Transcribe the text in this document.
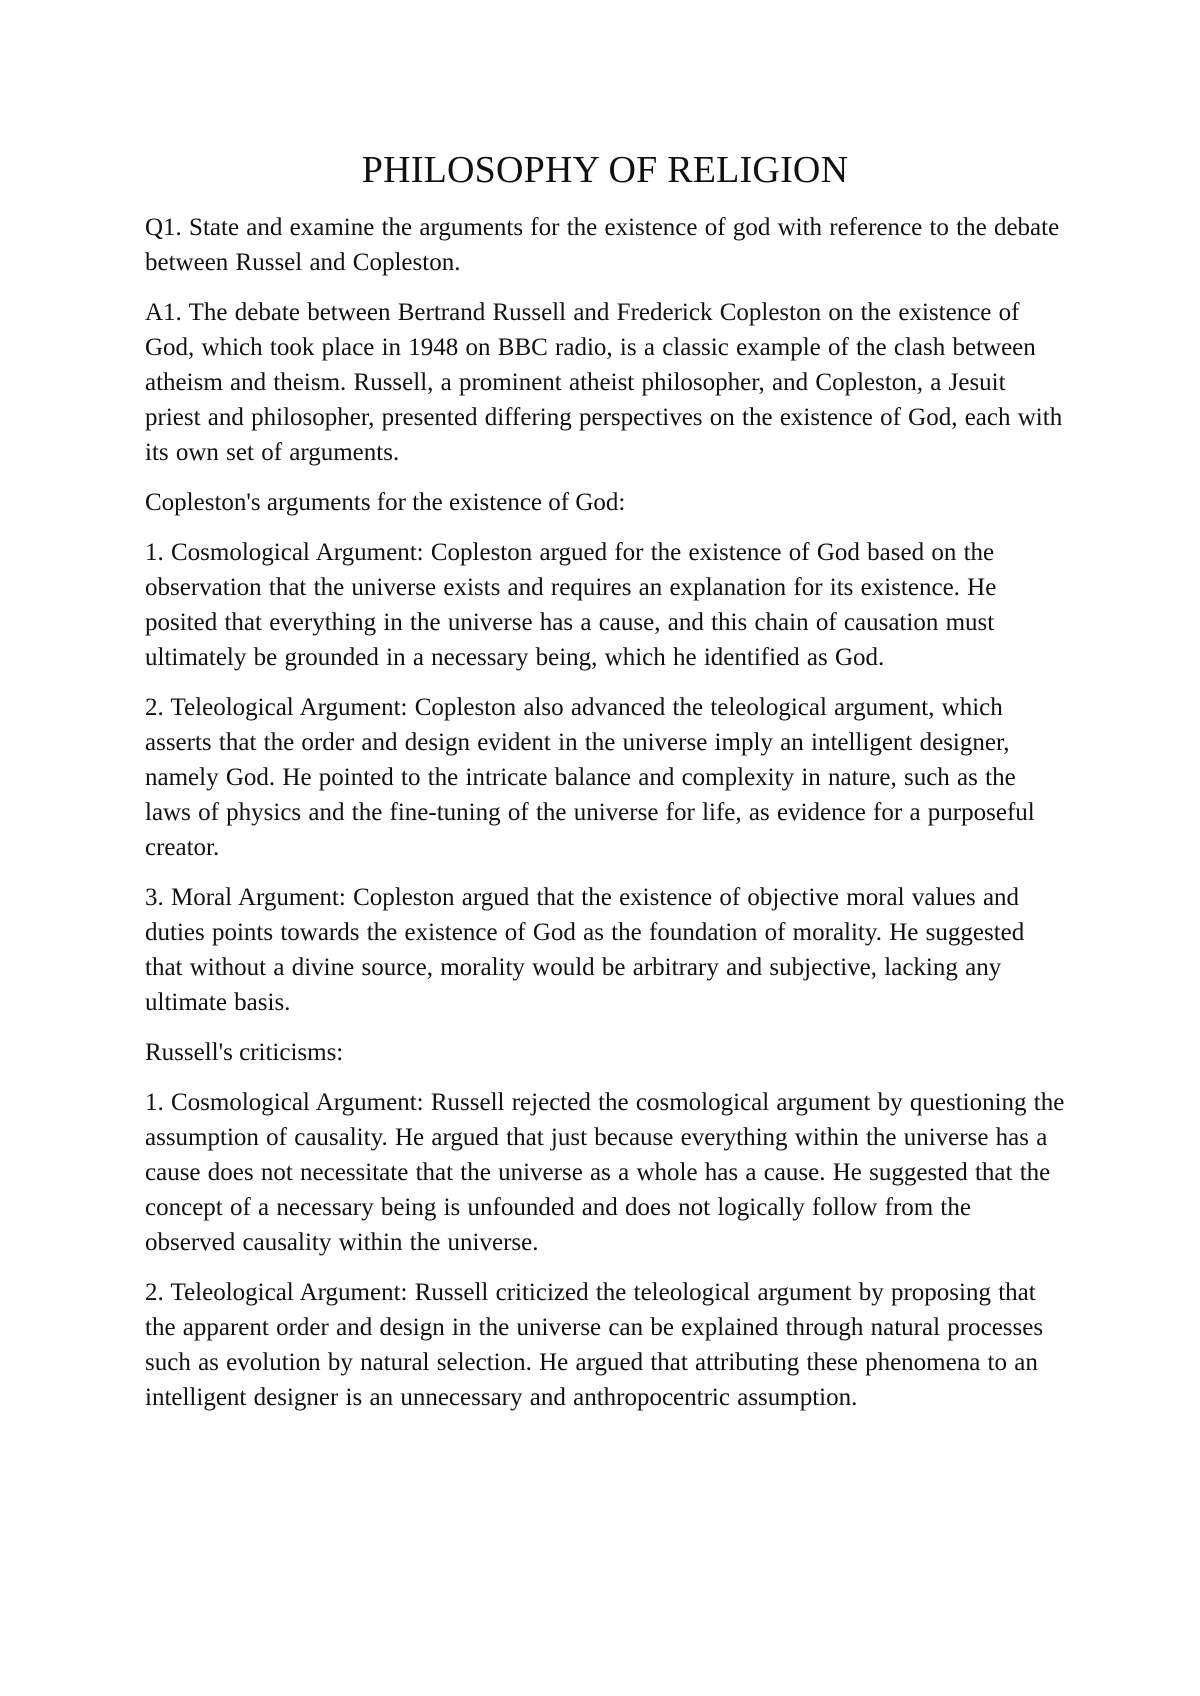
PHILOSOPHY OF RELIGION

Q1. State and examine the arguments for the existence of god with reference to the debate between Russel and Copleston.

A1. The debate between Bertrand Russell and Frederick Copleston on the existence of God, which took place in 1948 on BBC radio, is a classic example of the clash between atheism and theism. Russell, a prominent atheist philosopher, and Copleston, a Jesuit priest and philosopher, presented differing perspectives on the existence of God, each with its own set of arguments.

Copleston's arguments for the existence of God:

1. Cosmological Argument: Copleston argued for the existence of God based on the observation that the universe exists and requires an explanation for its existence. He posited that everything in the universe has a cause, and this chain of causation must ultimately be grounded in a necessary being, which he identified as God.

2. Teleological Argument: Copleston also advanced the teleological argument, which asserts that the order and design evident in the universe imply an intelligent designer, namely God. He pointed to the intricate balance and complexity in nature, such as the laws of physics and the fine-tuning of the universe for life, as evidence for a purposeful creator.

3. Moral Argument: Copleston argued that the existence of objective moral values and duties points towards the existence of God as the foundation of morality. He suggested that without a divine source, morality would be arbitrary and subjective, lacking any ultimate basis.

Russell's criticisms:

1. Cosmological Argument: Russell rejected the cosmological argument by questioning the assumption of causality. He argued that just because everything within the universe has a cause does not necessitate that the universe as a whole has a cause. He suggested that the concept of a necessary being is unfounded and does not logically follow from the observed causality within the universe.

2. Teleological Argument: Russell criticized the teleological argument by proposing that the apparent order and design in the universe can be explained through natural processes such as evolution by natural selection. He argued that attributing these phenomena to an intelligent designer is an unnecessary and anthropocentric assumption.
